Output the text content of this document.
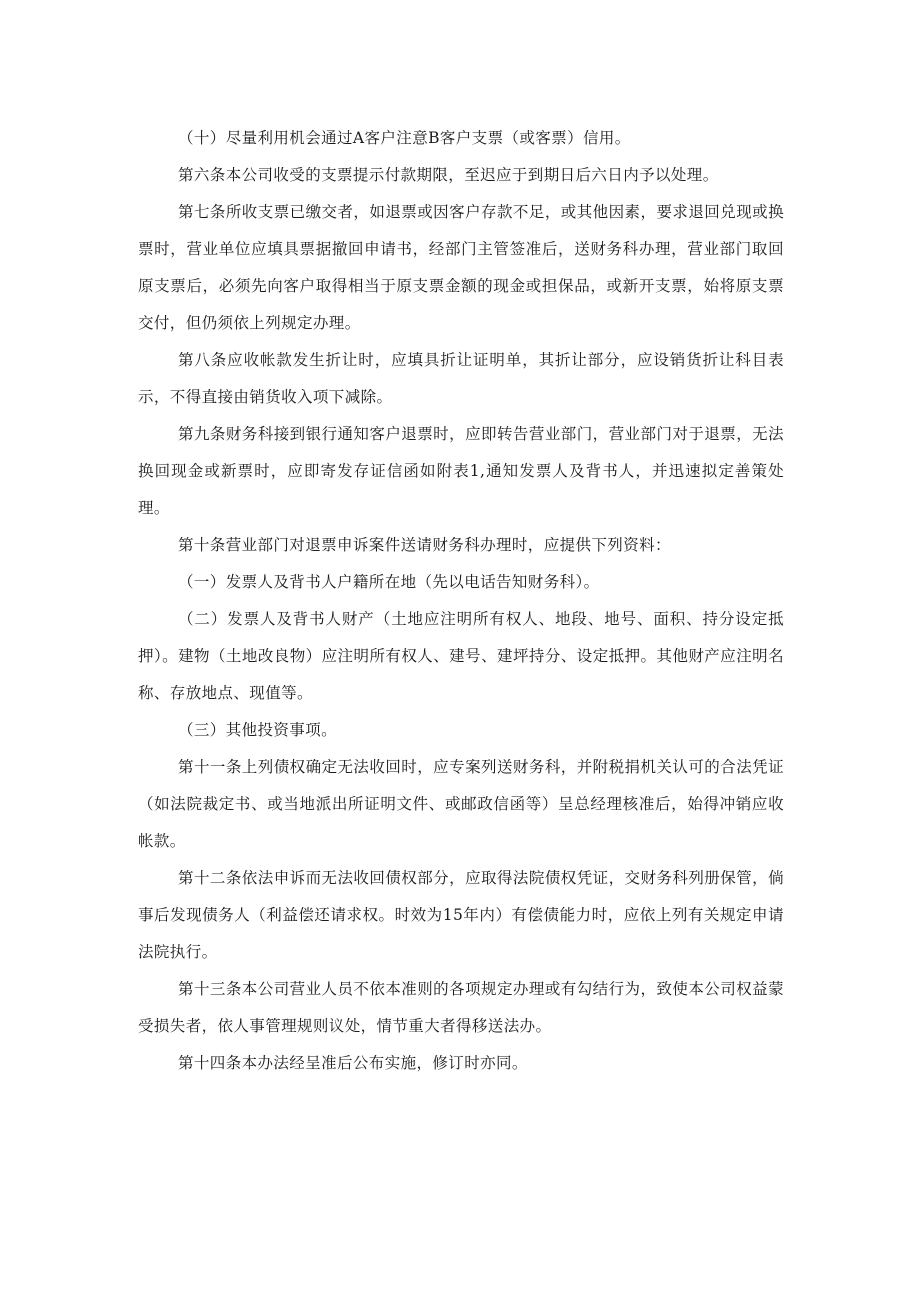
（十）尽量利用机会通过A客户注意B客户支票（或客票）信用。

第六条本公司收受的支票提示付款期限，至迟应于到期日后六日内予以处理。

第七条所收支票已缴交者，如退票或因客户存款不足，或其他因素，要求退回兑现或换票时，营业单位应填具票据撤回申请书，经部门主管签准后，送财务科办理，营业部门取回原支票后，必须先向客户取得相当于原支票金额的现金或担保品，或新开支票，始将原支票交付，但仍须依上列规定办理。

第八条应收帐款发生折让时，应填具折让证明单，其折让部分，应设销货折让科目表示，不得直接由销货收入项下减除。

第九条财务科接到银行通知客户退票时，应即转告营业部门，营业部门对于退票，无法换回现金或新票时，应即寄发存证信函如附表1,通知发票人及背书人，并迅速拟定善策处理。

第十条营业部门对退票申诉案件送请财务科办理时，应提供下列资料：

（一）发票人及背书人户籍所在地（先以电话告知财务科）。

（二）发票人及背书人财产（土地应注明所有权人、地段、地号、面积、持分设定抵押）。建物（土地改良物）应注明所有权人、建号、建坪持分、设定抵押。其他财产应注明名称、存放地点、现值等。

（三）其他投资事项。

第十一条上列债权确定无法收回时，应专案列送财务科，并附税捐机关认可的合法凭证（如法院裁定书、或当地派出所证明文件、或邮政信函等）呈总经理核准后，始得冲销应收帐款。

第十二条依法申诉而无法收回债权部分，应取得法院债权凭证，交财务科列册保管，倘事后发现债务人（利益偿还请求权。时效为15年内）有偿债能力时，应依上列有关规定申请法院执行。

第十三条本公司营业人员不依本准则的各项规定办理或有勾结行为，致使本公司权益蒙受损失者，依人事管理规则议处，情节重大者得移送法办。

第十四条本办法经呈准后公布实施，修订时亦同。
